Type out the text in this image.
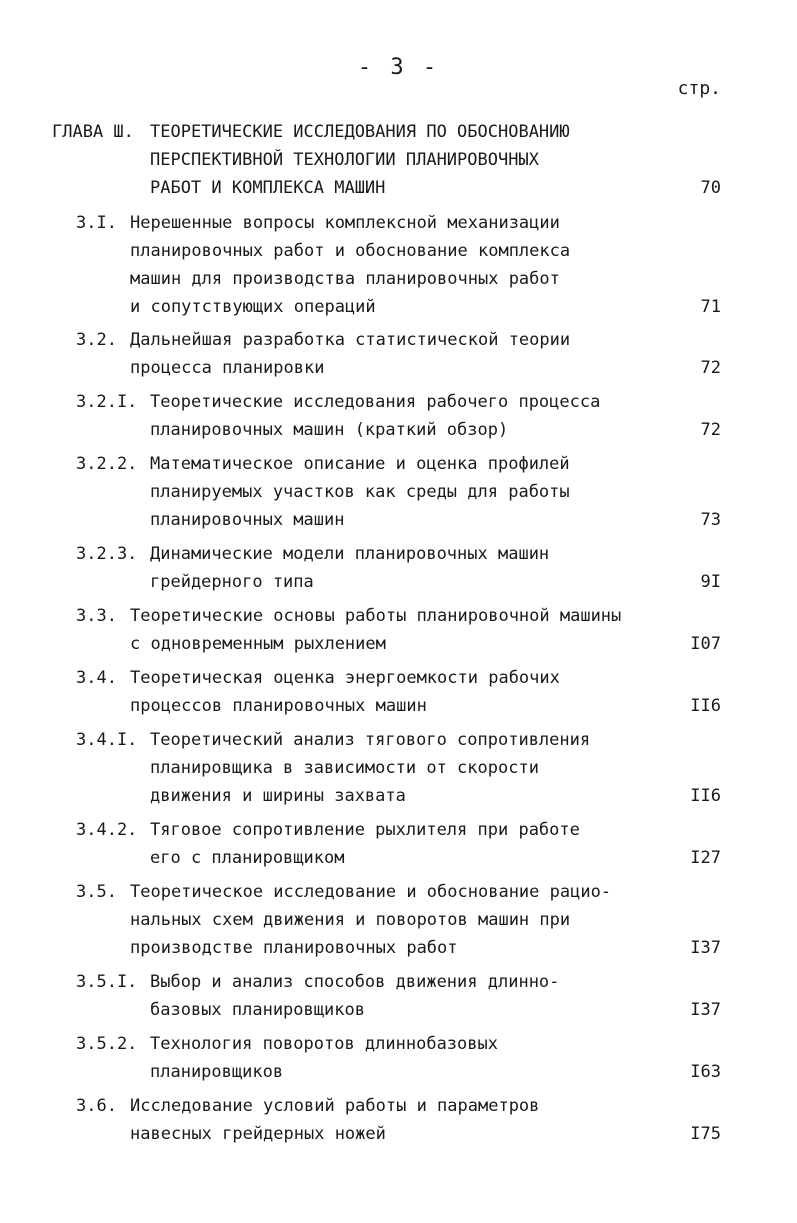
- 3 -
стр.
ГЛАВА Ш. ТЕОРЕТИЧЕСКИЕ ИССЛЕДОВАНИЯ ПО ОБОСНОВАНИЮ
ПЕРСПЕКТИВНОЙ ТЕХНОЛОГИИ ПЛАНИРОВОЧНЫХ
РАБОТ И КОМПЛЕКСА МАШИН	70
3.I. Нерешенные вопросы комплексной механизации
планировочных работ и обоснование комплекса
машин для производства планировочных работ
и сопутствующих операций	71
3.2. Дальнейшая разработка статистической теории
процесса планировки	72
3.2.I. Теоретические исследования рабочего процесса
планировочных машин (краткий обзор)	72
3.2.2. Математическое описание и оценка профилей
планируемых участков как среды для работы
планировочных машин	73
3.2.3. Динамические модели планировочных машин
грейдерного типа	9I
3.3. Теоретические основы работы планировочной машины
с одновременным рыхлением	I07
3.4. Теоретическая оценка энергоемкости рабочих
процессов планировочных машин	II6
3.4.I. Теоретический анализ тягового сопротивления
планировщика в зависимости от скорости
движения и ширины захвата	II6
3.4.2. Тяговое сопротивление рыхлителя при работе
его с планировщиком	I27
3.5. Теоретическое исследование и обоснование рацио-
нальных схем движения и поворотов машин при
производстве планировочных работ	I37
3.5.I. Выбор и анализ способов движения длинно-
базовых планировщиков	I37
3.5.2. Технология поворотов длиннобазовых
планировщиков	I63
3.6. Исследование условий работы и параметров
навесных грейдерных ножей	I75
